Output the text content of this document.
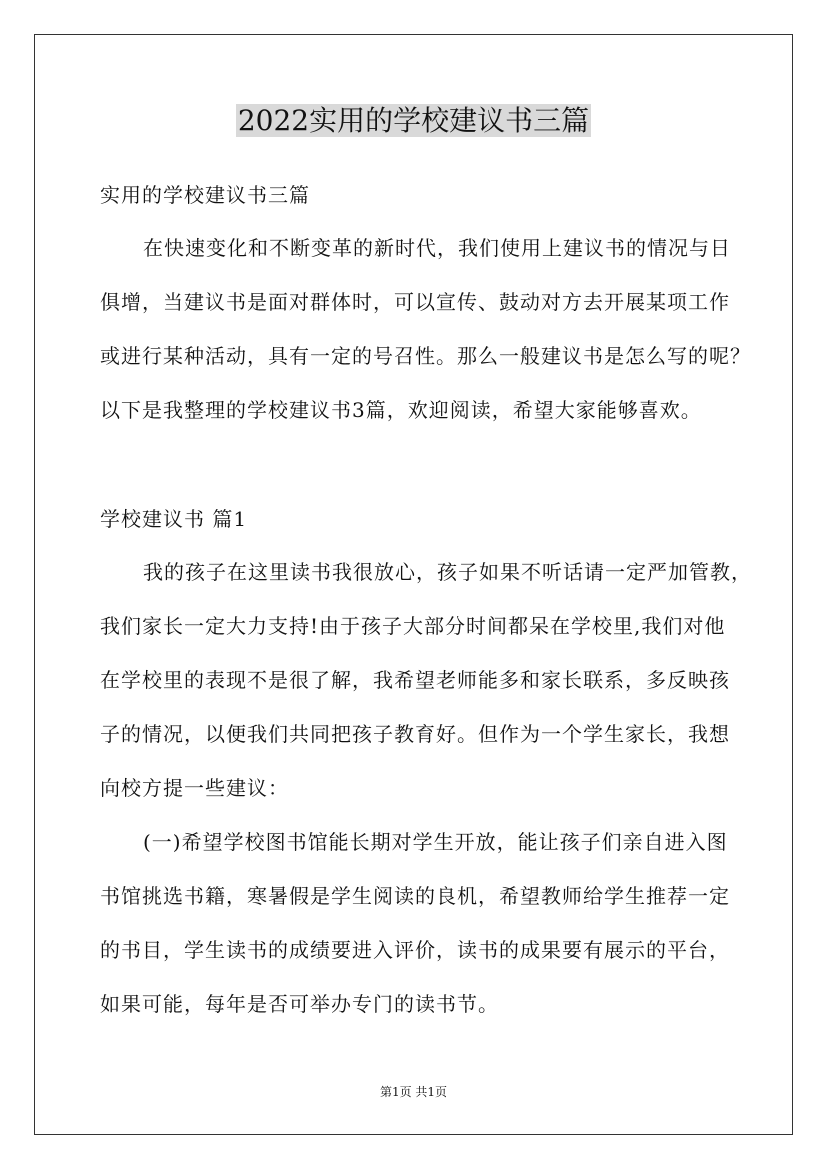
2022实用的学校建议书三篇
实用的学校建议书三篇
在快速变化和不断变革的新时代，我们使用上建议书的情况与日
俱增，当建议书是面对群体时，可以宣传、鼓动对方去开展某项工作
或进行某种活动，具有一定的号召性。那么一般建议书是怎么写的呢？
以下是我整理的学校建议书3篇，欢迎阅读，希望大家能够喜欢。
学校建议书 篇1
我的孩子在这里读书我很放心，孩子如果不听话请一定严加管教，
我们家长一定大力支持!由于孩子大部分时间都呆在学校里,我们对他
在学校里的表现不是很了解，我希望老师能多和家长联系，多反映孩
子的情况，以便我们共同把孩子教育好。但作为一个学生家长，我想
向校方提一些建议：
(一)希望学校图书馆能长期对学生开放，能让孩子们亲自进入图
书馆挑选书籍，寒暑假是学生阅读的良机，希望教师给学生推荐一定
的书目，学生读书的成绩要进入评价，读书的成果要有展示的平台，
如果可能，每年是否可举办专门的读书节。
第1页 共1页
